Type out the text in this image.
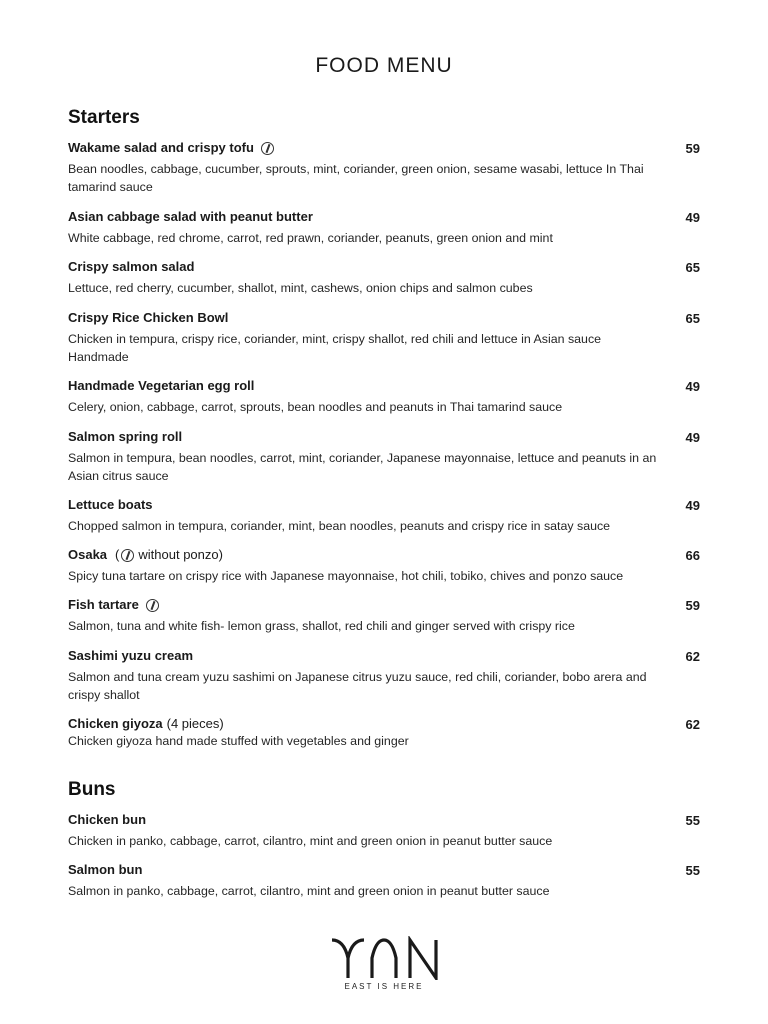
FOOD MENU
Starters
Wakame salad and crispy tofu	59
Bean noodles, cabbage, cucumber, sprouts, mint, coriander, green onion, sesame wasabi, lettuce In Thai tamarind sauce
Asian cabbage salad with peanut butter	49
White cabbage, red chrome, carrot, red prawn, coriander, peanuts, green onion and mint
Crispy salmon salad	65
Lettuce, red cherry, cucumber, shallot, mint, cashews, onion chips and salmon cubes
Crispy Rice Chicken Bowl	65
Chicken in tempura, crispy rice, coriander, mint, crispy shallot, red chili and lettuce in Asian sauce Handmade
Handmade Vegetarian egg roll	49
Celery, onion, cabbage, carrot, sprouts, bean noodles and peanuts in Thai tamarind sauce
Salmon spring roll	49
Salmon in tempura, bean noodles, carrot, mint, coriander, Japanese mayonnaise, lettuce and peanuts in an Asian citrus sauce
Lettuce boats	49
Chopped salmon in tempura, coriander, mint, bean noodles, peanuts and crispy rice in satay sauce
Osaka ( without ponzo)	66
Spicy tuna tartare on crispy rice with Japanese mayonnaise, hot chili, tobiko, chives and ponzo sauce
Fish tartare	59
Salmon, tuna and white fish- lemon grass, shallot, red chili and ginger served with crispy rice
Sashimi yuzu cream	62
Salmon and tuna cream yuzu sashimi on Japanese citrus yuzu sauce, red chili, coriander, bobo arera and crispy shallot
Chicken giyoza (4 pieces)	62
Chicken giyoza hand made stuffed with vegetables and ginger
Buns
Chicken bun	55
Chicken in panko, cabbage, carrot, cilantro, mint and green onion in peanut butter sauce
Salmon bun	55
Salmon in panko, cabbage, carrot, cilantro, mint and green onion in peanut butter sauce
EAST IS HERE
